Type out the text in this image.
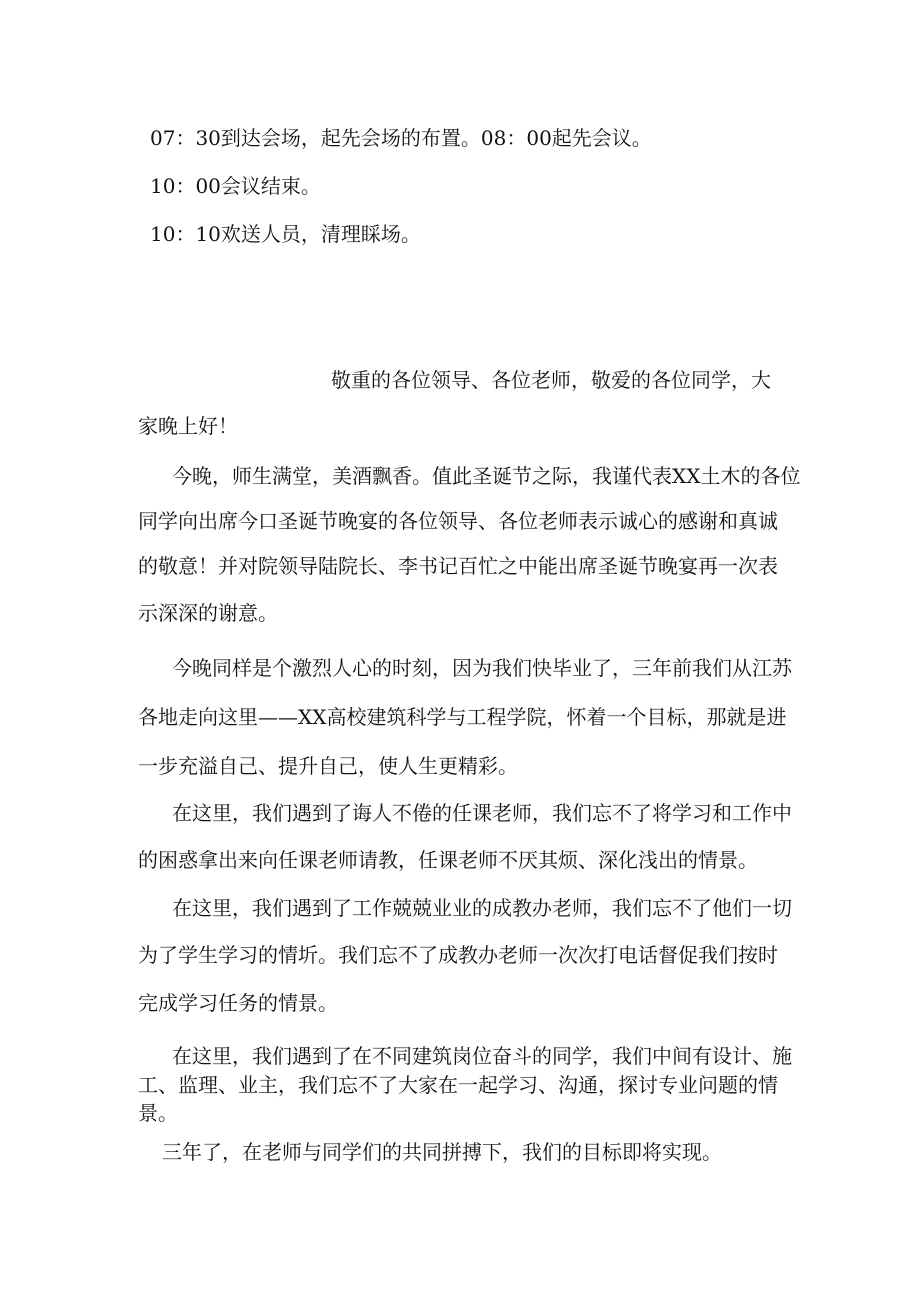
07：30到达会场，起先会场的布置。08：00起先会议。

10：00会议结束。

10：10欢送人员，清理睬场。

敬重的各位领导、各位老师，敬爱的各位同学，大

家晚上好！

今晚，师生满堂，美酒飘香。值此圣诞节之际，我谨代表XX土木的各位

同学向出席今口圣诞节晚宴的各位领导、各位老师表示诚心的感谢和真诚

的敬意！并对院领导陆院长、李书记百忙之中能出席圣诞节晚宴再一次表

示深深的谢意。

今晚同样是个激烈人心的时刻，因为我们快毕业了，三年前我们从江苏

各地走向这里——XX高校建筑科学与工程学院，怀着一个目标，那就是进

一步充溢自己、提升自己，使人生更精彩。

在这里，我们遇到了诲人不倦的任课老师，我们忘不了将学习和工作中

的困惑拿出来向任课老师请教，任课老师不厌其烦、深化浅出的情景。

在这里，我们遇到了工作兢兢业业的成教办老师，我们忘不了他们一切

为了学生学习的情圻。我们忘不了成教办老师一次次打电话督促我们按时

完成学习任务的情景。

在这里，我们遇到了在不同建筑岗位奋斗的同学，我们中间有设计、施

工、监理、业主，我们忘不了大家在一起学习、沟通，探讨专业问题的情

景。

三年了，在老师与同学们的共同拼搏下，我们的目标即将实现。
